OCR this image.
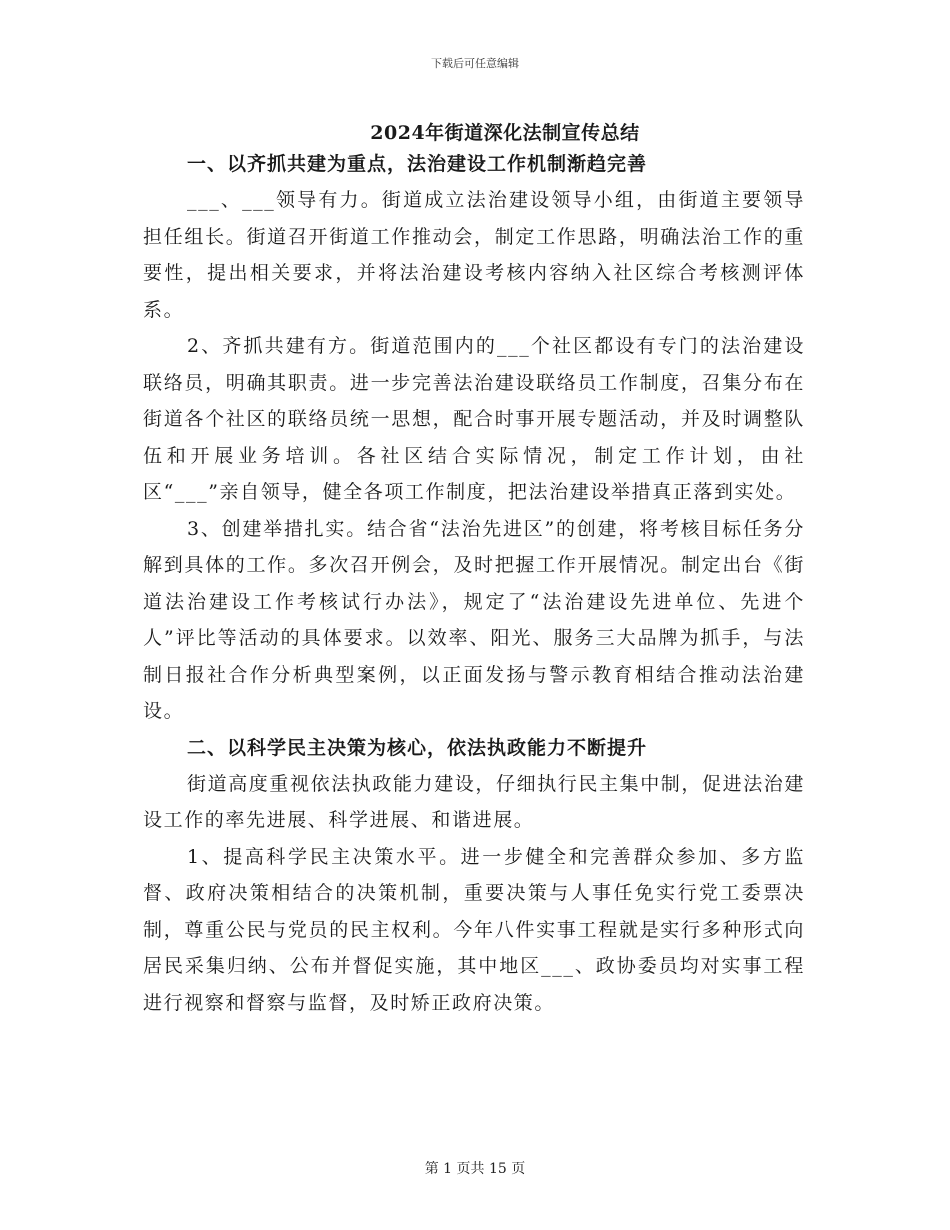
下载后可任意编辑
2024年街道深化法制宣传总结

一、以齐抓共建为重点，法治建设工作机制渐趋完善

___、___领导有力。街道成立法治建设领导小组，由街道主要领导担任组长。街道召开街道工作推动会，制定工作思路，明确法治工作的重要性，提出相关要求，并将法治建设考核内容纳入社区综合考核测评体系。

2、齐抓共建有方。街道范围内的___个社区都设有专门的法治建设联络员，明确其职责。进一步完善法治建设联络员工作制度，召集分布在街道各个社区的联络员统一思想，配合时事开展专题活动，并及时调整队伍和开展业务培训。各社区结合实际情况，制定工作计划，由社区“___”亲自领导，健全各项工作制度，把法治建设举措真正落到实处。

3、创建举措扎实。结合省“法治先进区”的创建，将考核目标任务分解到具体的工作。多次召开例会，及时把握工作开展情况。制定出台《街道法治建设工作考核试行办法》，规定了“法治建设先进单位、先进个人”评比等活动的具体要求。以效率、阳光、服务三大品牌为抓手，与法制日报社合作分析典型案例，以正面发扬与警示教育相结合推动法治建设。

二、以科学民主决策为核心，依法执政能力不断提升

街道高度重视依法执政能力建设，仔细执行民主集中制，促进法治建设工作的率先进展、科学进展、和谐进展。

1、提高科学民主决策水平。进一步健全和完善群众参加、多方监督、政府决策相结合的决策机制，重要决策与人事任免实行党工委票决制，尊重公民与党员的民主权利。今年八件实事工程就是实行多种形式向居民采集归纳、公布并督促实施，其中地区___、政协委员均对实事工程进行视察和督察与监督，及时矫正政府决策。

第 1 页共 15 页
